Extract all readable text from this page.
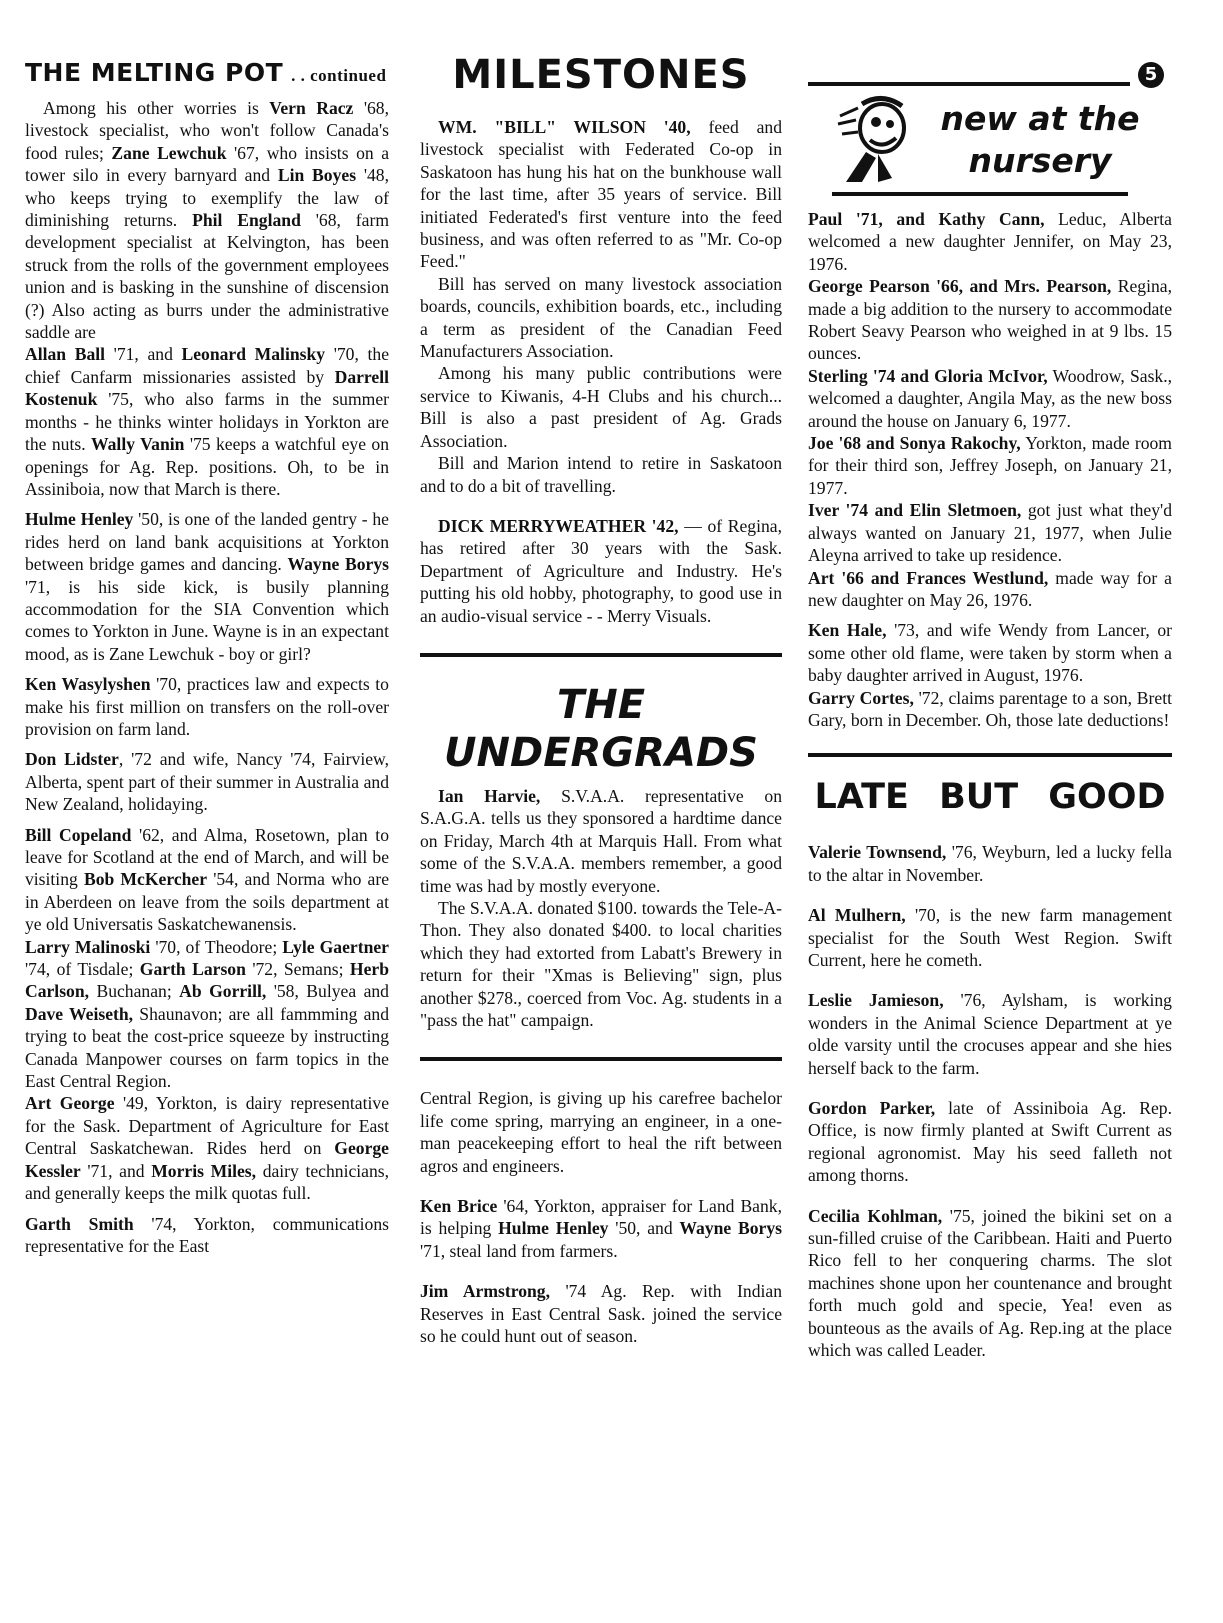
THE MELTING POT . . continued

Among his other worries is Vern Racz '68, livestock specialist, who won't follow Canada's food rules; Zane Lewchuk '67, who insists on a tower silo in every barnyard and Lin Boyes '48, who keeps trying to exemplify the law of diminishing returns. Phil England '68, farm development specialist at Kelvington, has been struck from the rolls of the government employees union and is basking in the sunshine of discension (?) Also acting as burrs under the administrative saddle are

Allan Ball '71, and Leonard Malinsky '70, the chief Canfarm missionaries assisted by Darrell Kostenuk '75, who also farms in the summer months - he thinks winter holidays in Yorkton are the nuts. Wally Vanin '75 keeps a watchful eye on openings for Ag. Rep. positions. Oh, to be in Assiniboia, now that March is there.

Hulme Henley '50, is one of the landed gentry - he rides herd on land bank acquisitions at Yorkton between bridge games and dancing. Wayne Borys '71, is his side kick, is busily planning accommodation for the SIA Convention which comes to Yorkton in June. Wayne is in an expectant mood, as is Zane Lewchuk - boy or girl?

Ken Wasylyshen '70, practices law and expects to make his first million on transfers on the roll-over provision on farm land.

Don Lidster, '72 and wife, Nancy '74, Fairview, Alberta, spent part of their summer in Australia and New Zealand, holidaying.

Bill Copeland '62, and Alma, Rosetown, plan to leave for Scotland at the end of March, and will be visiting Bob McKercher '54, and Norma who are in Aberdeen on leave from the soils department at ye old Universatis Saskatchewanensis.

Larry Malinoski '70, of Theodore; Lyle Gaertner '74, of Tisdale; Garth Larson '72, Semans; Herb Carlson, Buchanan; Ab Gorrill, '58, Bulyea and Dave Weiseth, Shaunavon; are all fammming and trying to beat the cost-price squeeze by instructing Canada Manpower courses on farm topics in the East Central Region.

Art George '49, Yorkton, is dairy representative for the Sask. Department of Agriculture for East Central Saskatchewan. Rides herd on George Kessler '71, and Morris Miles, dairy technicians, and generally keeps the milk quotas full.

Garth Smith '74, Yorkton, communications representative for the East

MILESTONES

WM. "BILL" WILSON '40, feed and livestock specialist with Federated Co-op in Saskatoon has hung his hat on the bunkhouse wall for the last time, after 35 years of service. Bill initiated Federated's first venture into the feed business, and was often referred to as "Mr. Co-op Feed."

Bill has served on many livestock association boards, councils, exhibition boards, etc., including a term as president of the Canadian Feed Manufacturers Association.

Among his many public contributions were service to Kiwanis, 4-H Clubs and his church... Bill is also a past president of Ag. Grads Association.

Bill and Marion intend to retire in Saskatoon and to do a bit of travelling.

DICK MERRYWEATHER '42, — of Regina, has retired after 30 years with the Sask. Department of Agriculture and Industry. He's putting his old hobby, photography, to good use in an audio-visual service - - Merry Visuals.

THE
UNDERGRADS

Ian Harvie, S.V.A.A. representative on S.A.G.A. tells us they sponsored a hardtime dance on Friday, March 4th at Marquis Hall. From what some of the S.V.A.A. members remember, a good time was had by mostly everyone.

The S.V.A.A. donated $100. towards the Tele-A-Thon. They also donated $400. to local charities which they had extorted from Labatt's Brewery in return for their "Xmas is Believing" sign, plus another $278., coerced from Voc. Ag. students in a "pass the hat" campaign.

Central Region, is giving up his carefree bachelor life come spring, marrying an engineer, in a one-man peacekeeping effort to heal the rift between agros and engineers.

Ken Brice '64, Yorkton, appraiser for Land Bank, is helping Hulme Henley '50, and Wayne Borys '71, steal land from farmers.

Jim Armstrong, '74 Ag. Rep. with Indian Reserves in East Central Sask. joined the service so he could hunt out of season.

5
new at the
nursery

Paul '71, and Kathy Cann, Leduc, Alberta welcomed a new daughter Jennifer, on May 23, 1976.

George Pearson '66, and Mrs. Pearson, Regina, made a big addition to the nursery to accommodate Robert Seavy Pearson who weighed in at 9 lbs. 15 ounces.

Sterling '74 and Gloria McIvor, Woodrow, Sask., welcomed a daughter, Angila May, as the new boss around the house on January 6, 1977.

Joe '68 and Sonya Rakochy, Yorkton, made room for their third son, Jeffrey Joseph, on January 21, 1977.

Iver '74 and Elin Sletmoen, got just what they'd always wanted on January 21, 1977, when Julie Aleyna arrived to take up residence.

Art '66 and Frances Westlund, made way for a new daughter on May 26, 1976.

Ken Hale, '73, and wife Wendy from Lancer, or some other old flame, were taken by storm when a baby daughter arrived in August, 1976.

Garry Cortes, '72, claims parentage to a son, Brett Gary, born in December. Oh, those late deductions!

LATE BUT GOOD

Valerie Townsend, '76, Weyburn, led a lucky fella to the altar in November.

Al Mulhern, '70, is the new farm management specialist for the South West Region. Swift Current, here he cometh.

Leslie Jamieson, '76, Aylsham, is working wonders in the Animal Science Department at ye olde varsity until the crocuses appear and she hies herself back to the farm.

Gordon Parker, late of Assiniboia Ag. Rep. Office, is now firmly planted at Swift Current as regional agronomist. May his seed falleth not among thorns.

Cecilia Kohlman, '75, joined the bikini set on a sun-filled cruise of the Caribbean. Haiti and Puerto Rico fell to her conquering charms. The slot machines shone upon her countenance and brought forth much gold and specie, Yea! even as bounteous as the avails of Ag. Rep.ing at the place which was called Leader.
